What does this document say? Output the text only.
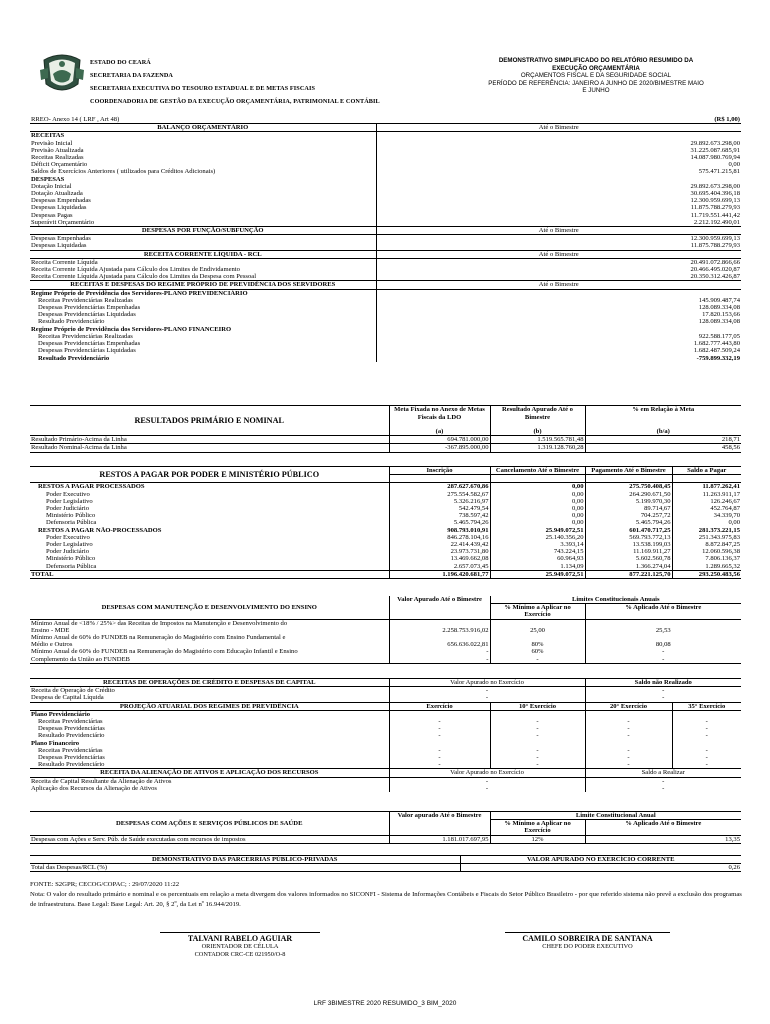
ESTADO DO CEARÁ
SECRETARIA DA FAZENDA
SECRETARIA EXECUTIVA DO TESOURO ESTADUAL E DE METAS FISCAIS
COORDENADORIA DE GESTÃO DA EXECUÇÃO ORÇAMENTÁRIA, PATRIMONIAL E CONTÁBIL
DEMONSTRATIVO SIMPLIFICADO DO RELATÓRIO RESUMIDO DA EXECUÇÃO ORÇAMENTÁRIA
ORÇAMENTOS FISCAL E DA SEGURIDADE SOCIAL
PERÍODO DE REFERÊNCIA: JANEIRO A JUNHO DE 2020/BIMESTRE MAIO E JUNHO
RREO- Anexo 14 ( LRF , Art 48)	(R$ 1,00)
BALANÇO ORÇAMENTÁRIO	Até o Bimestre
RECEITAS	
Previsão Inicial	29.892.673.298,00
Previsão Atualizada	31.225.087.685,91
Receitas Realizadas	14.087.980.769,94
Déficit Orçamentário	0,00
Saldos de Exercícios Anteriores ( utilizados para Créditos Adicionais)	575.471.215,81
DESPESAS	
Dotação Inicial	29.892.673.298,00
Dotação Atualizada	30.695.404.396,18
Despesas Empenhadas	12.300.959.699,13
Despesas Liquidadas	11.875.788.279,93
Despesas Pagas	11.719.551.441,42
Superávit Orçamentário	2.212.192.490,01
DESPESAS POR FUNÇÃO/SUBFUNÇÃO	Até o Bimestre
Despesas Empenhadas	12.300.959.699,13
Despesas Liquidadas	11.875.788.279,93
RECEITA CORRENTE LÍQUIDA - RCL	Até o Bimestre
Receita Corrente Líquida	20.491.072.866,66
Receita Corrente Líquida Ajustada para Cálculo dos Limites de Endividamento	20.466.495.020,87
Receita Corrente Líquida Ajustada para Cálculo dos Limites da Despesa com Pessoal	20.350.312.426,87
RECEITAS E DESPESAS DO REGIME PRÓPRIO DE PREVIDÊNCIA DOS SERVIDORES	Até o Bimestre
Regime Próprio de Previdência dos Servidores-PLANO PREVIDENCIÁRIO	
Receitas Previdenciárias Realizadas	145.909.487,74
Despesas Previdenciárias Empenhadas	128.089.334,08
Despesas Previdenciárias Liquidadas	17.820.153,66
Resultado Previdenciário	128.089.334,08
Regime Próprio de Previdência dos Servidores-PLANO FINANCEIRO	
Receitas Previdenciárias Realizadas	922.588.177,05
Despesas Previdenciárias Empenhadas	1.682.777.443,80
Despesas Previdenciárias Liquidadas	1.682.487.509,24
Resultado Previdenciário	-759.899.332,19
RESULTADOS PRIMÁRIO E NOMINAL	Meta Fixada no Anexo de Metas Fiscais da LDO	Resultado Apurado Até o Bimestre	% em Relação à Meta

	(a)	(b)	(b/a)
Resultado Primário-Acima da Linha	694.781.000,00	1.519.565.781,48	218,71
Resultado Nominal-Acima da Linha	-367.895.000,00	1.319.128.760,28	458,56
RESTOS A PAGAR POR PODER E MINISTÉRIO PÚBLICO	Inscrição	Cancelamento Até o Bimestre	Pagamento Até o Bimestre	Saldo a Pagar

RESTOS A PAGAR PROCESSADOS	287.627.670,86	0,00	275.750.408,45	11.877.262,41
Poder Executivo	275.554.582,67	0,00	264.290.671,50	11.263.911,17
Poder Legislativo	5.326.216,97	0,00	5.199.970,30	126.246,67
Poder Judiciário	542.479,54	0,00	89.714,67	452.764,87
Ministério Público	738.597,42	0,00	704.257,72	34.339,70
Defensoria Pública	5.465.794,26	0,00	5.465.794,26	0,00
RESTOS A PAGAR NÃO-PROCESSADOS	908.793.010,91	25.949.072,51	601.470.717,25	281.373.221,15
Poder Executivo	846.278.104,16	25.140.356,20	569.793.772,13	251.343.975,83
Poder Legislativo	22.414.439,42	3.393,14	13.538.199,03	8.872.847,25
Poder Judiciário	23.973.731,80	743.224,15	11.169.911,27	12.060.596,38
Ministério Público	13.469.662,08	60.964,93	5.602.560,78	7.806.136,37
Defensoria Pública	2.657.073,45	1.134,09	1.366.274,04	1.289.665,32
TOTAL	1.196.420.681,77	25.949.072,51	877.221.125,70	293.250.483,56
DESPESAS COM MANUTENÇÃO E DESENVOLVIMENTO DO ENSINO	Valor Apurado Até o Bimestre	Limites Constitucionais Anuais	
		% Mínimo a Aplicar no Exercício	% Aplicado Até o Bimestre

Mínimo Anual de <18% / 25%> das Receitas de Impostos na Manutenção e Desenvolvimento do			
Ensino - MDE	2.258.753.916,02	25,00	25,53
Mínimo Anual de 60% do FUNDEB na Remuneração do Magistério com Ensino Fundamental e			
Médio e Outros	656.636.022,81	80%	80,08
Mínimo Anual de 60% do FUNDEB na Remuneração do Magistério com Educação Infantil e Ensino	-	60%	-
Complemento da União ao FUNDEB	-	-	-
RECEITAS DE OPERAÇÕES DE CRÉDITO E DESPESAS DE CAPITAL	Valor Apurado no Exercício		Saldo não Realizado	
Receita de Operação de Crédito	-		-	
Despesa de Capital Líquida	-		-	
PROJEÇÃO ATUARIAL DOS REGIMES DE PREVIDÊNCIA	Exercício	10° Exercício	20° Exercício	35° Exercício
Plano Previdenciário				
Receitas Previdenciárias	-	-	-	-
Despesas Previdenciárias	-	-	-	-
Resultado Previdenciário	-	-	-	-
Plano Financeiro				
Receitas Previdenciárias	-	-	-	-
Despesas Previdenciárias	-	-	-	-
Resultado Previdenciário	-	-	-	-
RECEITA DA ALIENAÇÃO DE ATIVOS E APLICAÇÃO DOS RECURSOS	Valor Apurado no Exercício		Saldo a Realizar	
Receita de Capital Resultante da Alienação de Ativos	-		-	
Aplicação dos Recursos da Alienação de Ativos	-		-	
DESPESAS COM AÇÕES E SERVIÇOS PÚBLICOS DE SAÚDE	Valor apurado Até o Bimestre	Limite Constitucional Anual	
		% Mínimo a Aplicar no Exercício	% Aplicado Até o Bimestre

Despesas com Ações e Serv. Púb. de Saúde executadas com recursos de impostos	1.181.017.697,95	12%	13,35
DEMONSTRATIVO DAS PARCERRIAS PÚBLICO-PRIVADAS	VALOR APURADO NO EXERCÍCIO CORRENTE
Total das Despesas/RCL (%)	0,26
FONTE: S2GPR; CECOG/COPAC; : 29/07/2020 11:22
Nota: O valor do resultado primário e nominal e os percentuais em relação a meta divergem dos valores informados no SICONFI - Sistema de Informações Contábeis e Fiscais do Setor Público Brasileiro - por que referido sistema não prevê a exclusão dos programas de infraestrutura. Base Legal: Base Legal: Art. 20, § 2º, da Lei nº 16.944/2019.
TALVANI RABELO AGUIAR
ORIENTADOR DE CÉLULA
CONTADOR CRC-CE 021950/O-8
CAMILO SOBREIRA DE SANTANA
CHEFE DO PODER EXECUTIVO
LRF 3BIMESTRE 2020 RESUMIDO_3 BIM_2020
